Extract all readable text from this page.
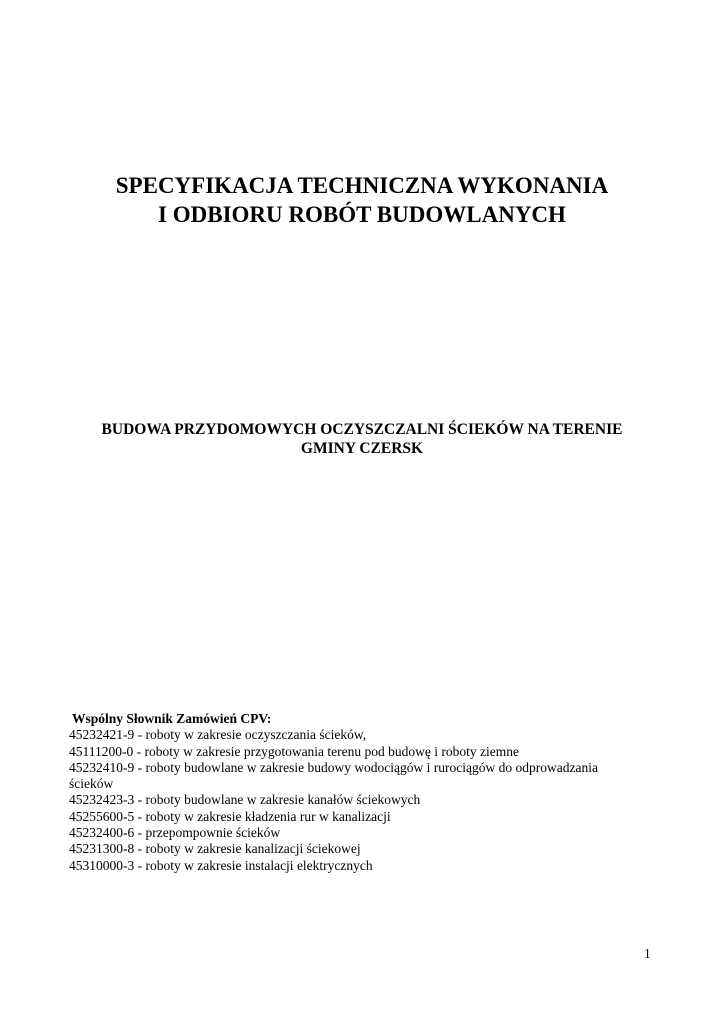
SPECYFIKACJA TECHNICZNA WYKONANIA
I ODBIORU ROBÓT BUDOWLANYCH
BUDOWA PRZYDOMOWYCH OCZYSZCZALNI ŚCIEKÓW NA TERENIE
GMINY CZERSK
Wspólny Słownik Zamówień CPV:
45232421-9 - roboty w zakresie oczyszczania ścieków,
45111200-0 - roboty w zakresie przygotowania terenu pod budowę i roboty ziemne
45232410-9 - roboty budowlane w zakresie budowy wodociągów i rurociągów do odprowadzania
ścieków
45232423-3 - roboty budowlane w zakresie kanałów ściekowych
45255600-5 - roboty w zakresie kładzenia rur w kanalizacji
45232400-6 - przepompownie ścieków
45231300-8 - roboty w zakresie kanalizacji ściekowej
45310000-3 - roboty w zakresie instalacji elektrycznych
1
